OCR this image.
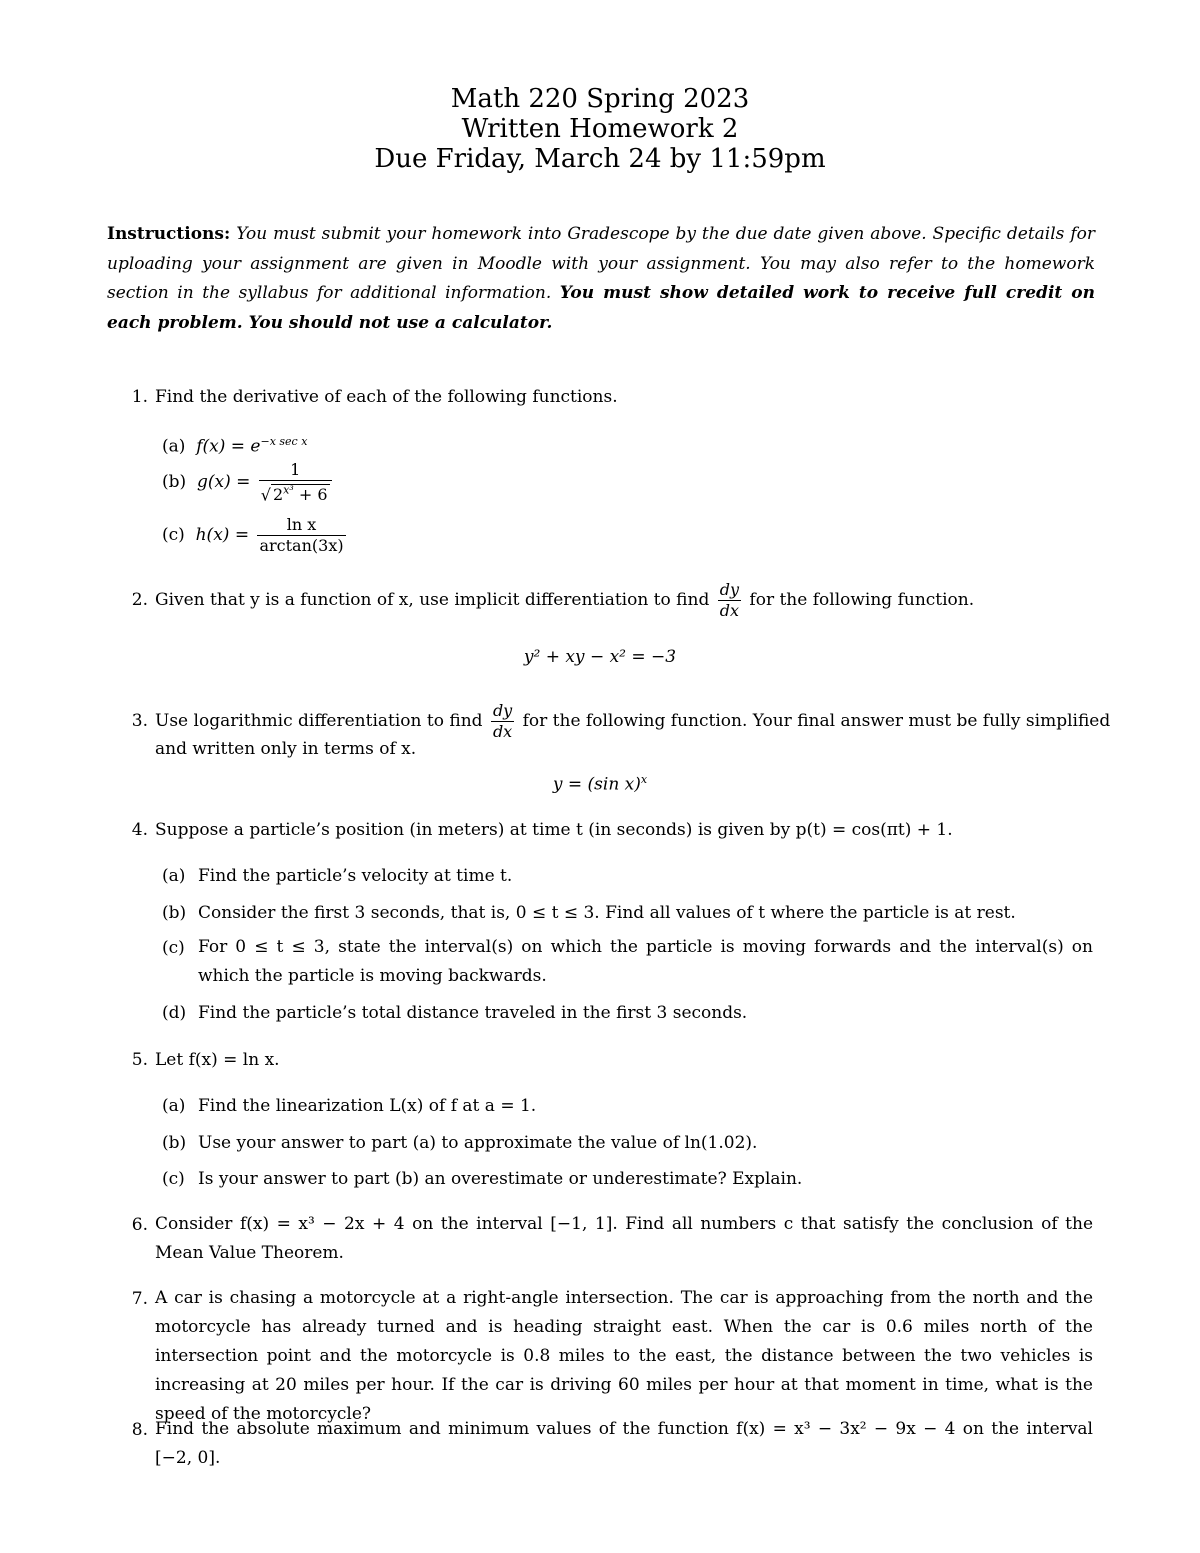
Math 220 Spring 2023
Written Homework 2
Due Friday, March 24 by 11:59pm
Instructions: You must submit your homework into Gradescope by the due date given above. Specific details for uploading your assignment are given in Moodle with your assignment. You may also refer to the homework section in the syllabus for additional information. You must show detailed work to receive full credit on each problem. You should not use a calculator.
1. Find the derivative of each of the following functions.
(a) $f(x) = e^{-x sec x}$
(b) $g(x) = \frac{1}{√ 2^{x^3} + 6}$
(c) $h(x) = \frac{\text{ln x}}{\arctan(3x)}$
2. Given that y is a function of x, use implicit differentiation to find $\frac{dy}{dx}$ for the following function.
y² + xy − x² = −3
3. Use logarithmic differentiation to find $\frac{dy}{dx}$ for the following function. Your final answer must be fully simplified
and written only in terms of x.
y = (sin x)$^x$
4. Suppose a particle’s position (in meters) at time t (in seconds) is given by p(t) = cos(πt) + 1.
(a) Find the particle’s velocity at time t.
(b) Consider the first 3 seconds, that is, 0 ≤ t ≤ 3. Find all values of t where the particle is at rest.
(c) For 0 ≤ t ≤ 3, state the interval(s) on which the particle is moving forwards and the interval(s) on which the particle is moving backwards.
(d) Find the particle’s total distance traveled in the first 3 seconds.
5. Let f(x) = ln x.
(a) Find the linearization L(x) of f at a = 1.
(b) Use your answer to part (a) to approximate the value of ln(1.02).
(c) Is your answer to part (b) an overestimate or underestimate? Explain.
6. Consider f(x) = x³ − 2x + 4 on the interval [−1, 1]. Find all numbers c that satisfy the conclusion of the Mean Value Theorem.
7. A car is chasing a motorcycle at a right-angle intersection. The car is approaching from the north and the motorcycle has already turned and is heading straight east. When the car is 0.6 miles north of the intersection point and the motorcycle is 0.8 miles to the east, the distance between the two vehicles is increasing at 20 miles per hour. If the car is driving 60 miles per hour at that moment in time, what is the speed of the motorcycle?
8. Find the absolute maximum and minimum values of the function f(x) = x³ − 3x² − 9x − 4 on the interval [−2, 0].
